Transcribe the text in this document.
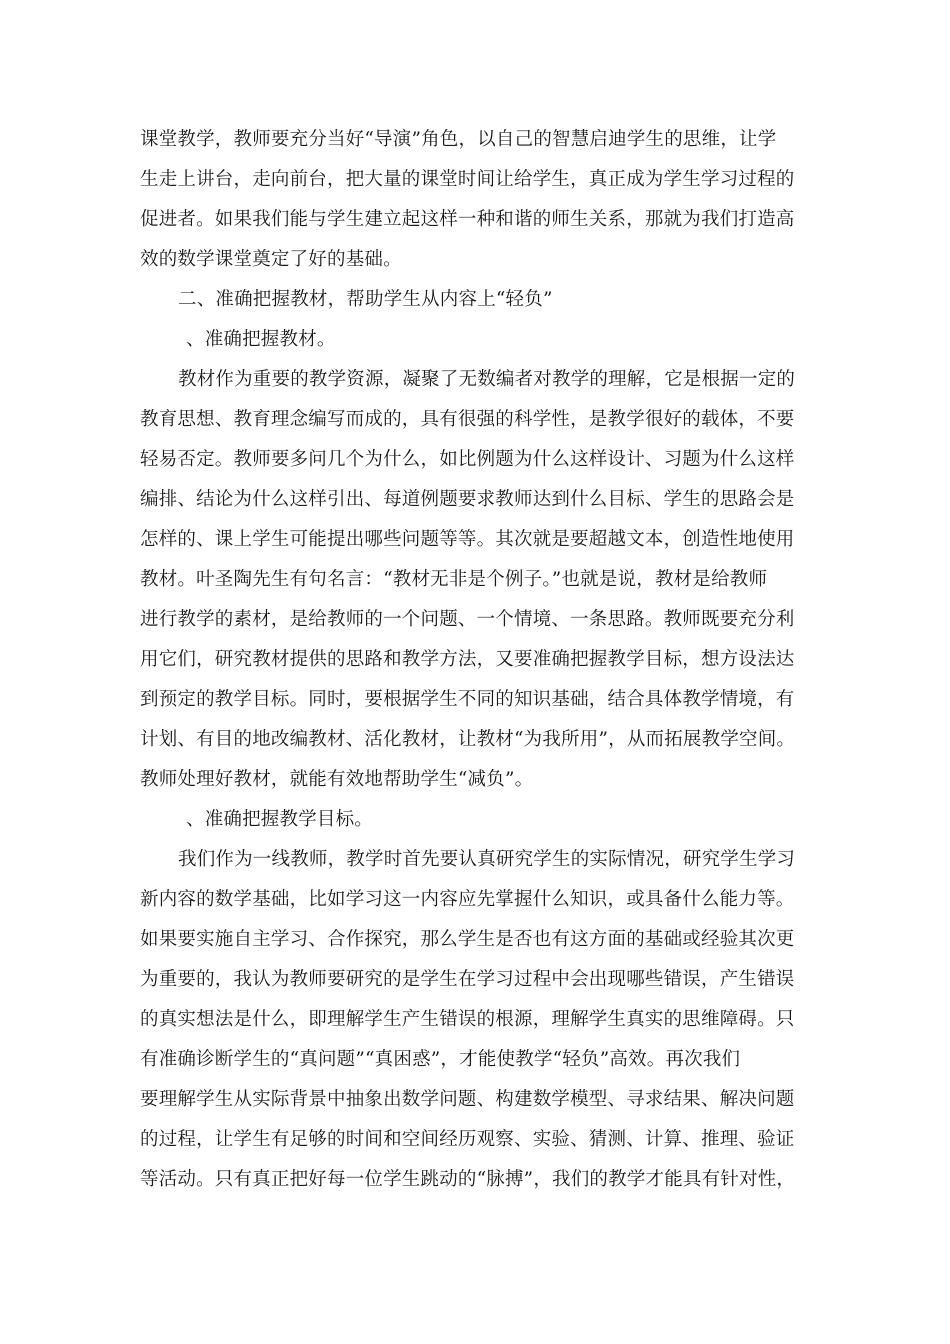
课堂教学，教师要充分当好“导演”角色，以自己的智慧启迪学生的思维，让学
生走上讲台，走向前台，把大量的课堂时间让给学生，真正成为学生学习过程的
促进者。如果我们能与学生建立起这样一种和谐的师生关系，那就为我们打造高
效的数学课堂奠定了好的基础。
二、准确把握教材，帮助学生从内容上“轻负”
、准确把握教材。
教材作为重要的教学资源，凝聚了无数编者对教学的理解，它是根据一定的
教育思想、教育理念编写而成的，具有很强的科学性，是教学很好的载体，不要
轻易否定。教师要多问几个为什么，如比例题为什么这样设计、习题为什么这样
编排、结论为什么这样引出、每道例题要求教师达到什么目标、学生的思路会是
怎样的、课上学生可能提出哪些问题等等。其次就是要超越文本，创造性地使用
教材。叶圣陶先生有句名言：“教材无非是个例子。”也就是说，教材是给教师
进行教学的素材，是给教师的一个问题、一个情境、一条思路。教师既要充分利
用它们，研究教材提供的思路和教学方法，又要准确把握教学目标，想方设法达
到预定的教学目标。同时，要根据学生不同的知识基础，结合具体教学情境，有
计划、有目的地改编教材、活化教材，让教材“为我所用”，从而拓展教学空间。
教师处理好教材，就能有效地帮助学生“减负”。
、准确把握教学目标。
我们作为一线教师，教学时首先要认真研究学生的实际情况，研究学生学习
新内容的数学基础，比如学习这一内容应先掌握什么知识，或具备什么能力等。
如果要实施自主学习、合作探究，那么学生是否也有这方面的基础或经验其次更
为重要的，我认为教师要研究的是学生在学习过程中会出现哪些错误，产生错误
的真实想法是什么，即理解学生产生错误的根源，理解学生真实的思维障碍。只
有准确诊断学生的“真问题”“真困惑”，才能使教学“轻负”高效。再次我们
要理解学生从实际背景中抽象出数学问题、构建数学模型、寻求结果、解决问题
的过程，让学生有足够的时间和空间经历观察、实验、猜测、计算、推理、验证
等活动。只有真正把好每一位学生跳动的“脉搏”，我们的教学才能具有针对性，
